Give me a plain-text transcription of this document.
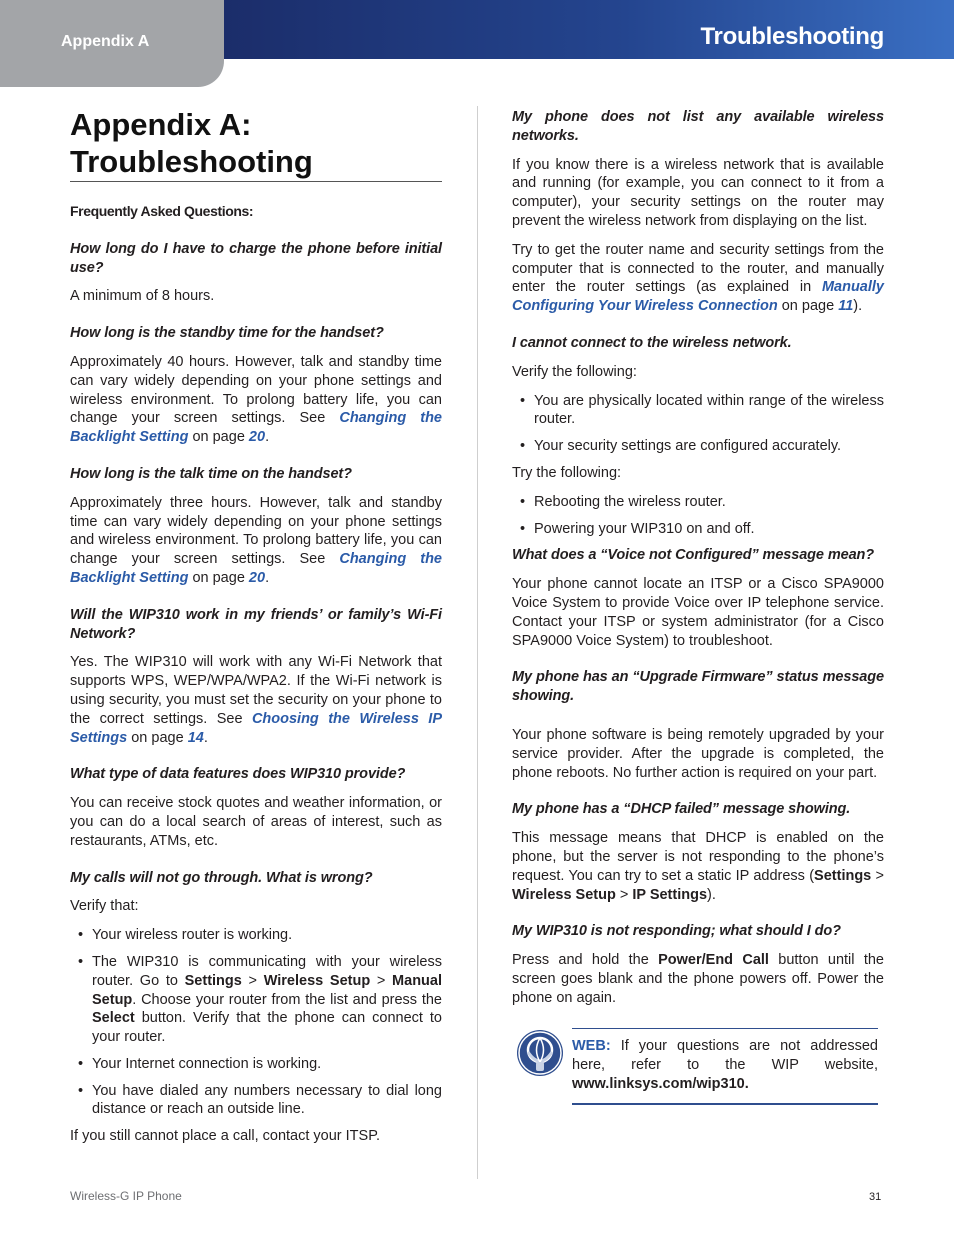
Appendix A	Troubleshooting
Appendix A:
Troubleshooting

Frequently Asked Questions:

How long do I have to charge the phone before initial use?

A minimum of 8 hours.

How long is the standby time for the handset?

Approximately 40 hours. However, talk and standby time can vary widely depending on your phone settings and wireless environment. To prolong battery life, you can change your screen settings. See Changing the Backlight Setting on page 20.

How long is the talk time on the handset?

Approximately three hours. However, talk and standby time can vary widely depending on your phone settings and wireless environment. To prolong battery life, you can change your screen settings. See Changing the Backlight Setting on page 20.

Will the WIP310 work in my friends’ or family’s Wi-Fi Network?

Yes. The WIP310 will work with any Wi-Fi Network that supports WPS, WEP/WPA/WPA2. If the Wi-Fi network is using security, you must set the security on your phone to the correct settings. See Choosing the Wireless IP Settings on page 14.

What type of data features does WIP310 provide?

You can receive stock quotes and weather information, or you can do a local search of areas of interest, such as restaurants, ATMs, etc.

My calls will not go through. What is wrong?

Verify that:

• Your wireless router is working.
• The WIP310 is communicating with your wireless router. Go to Settings > Wireless Setup > Manual Setup. Choose your router from the list and press the Select button. Verify that the phone can connect to your router.
• Your Internet connection is working.
• You have dialed any numbers necessary to dial long distance or reach an outside line.

If you still cannot place a call, contact your ITSP.

My phone does not list any available wireless networks.

If you know there is a wireless network that is available and running (for example, you can connect to it from a computer), your security settings on the router may prevent the wireless network from displaying on the list.

Try to get the router name and security settings from the computer that is connected to the router, and manually enter the router settings (as explained in Manually Configuring Your Wireless Connection on page 11).

I cannot connect to the wireless network.

Verify the following:

• You are physically located within range of the wireless router.
• Your security settings are configured accurately.

Try the following:

• Rebooting the wireless router.
• Powering your WIP310 on and off.

What does a “Voice not Configured” message mean?

Your phone cannot locate an ITSP or a Cisco SPA9000 Voice System to provide Voice over IP telephone service. Contact your ITSP or system administrator (for a Cisco SPA9000 Voice System) to troubleshoot.

My phone has an “Upgrade Firmware” status message showing.

Your phone software is being remotely upgraded by your service provider. After the upgrade is completed, the phone reboots. No further action is required on your part.

My phone has a “DHCP failed” message showing.

This message means that DHCP is enabled on the phone, but the server is not responding to the phone’s request. You can try to set a static IP address (Settings > Wireless Setup > IP Settings).

My WIP310 is not responding; what should I do?

Press and hold the Power/End Call button until the screen goes blank and the phone powers off. Power the phone on again.

WEB: If your questions are not addressed here, refer to the WIP website, www.linksys.com/wip310.
Wireless-G IP Phone	31
